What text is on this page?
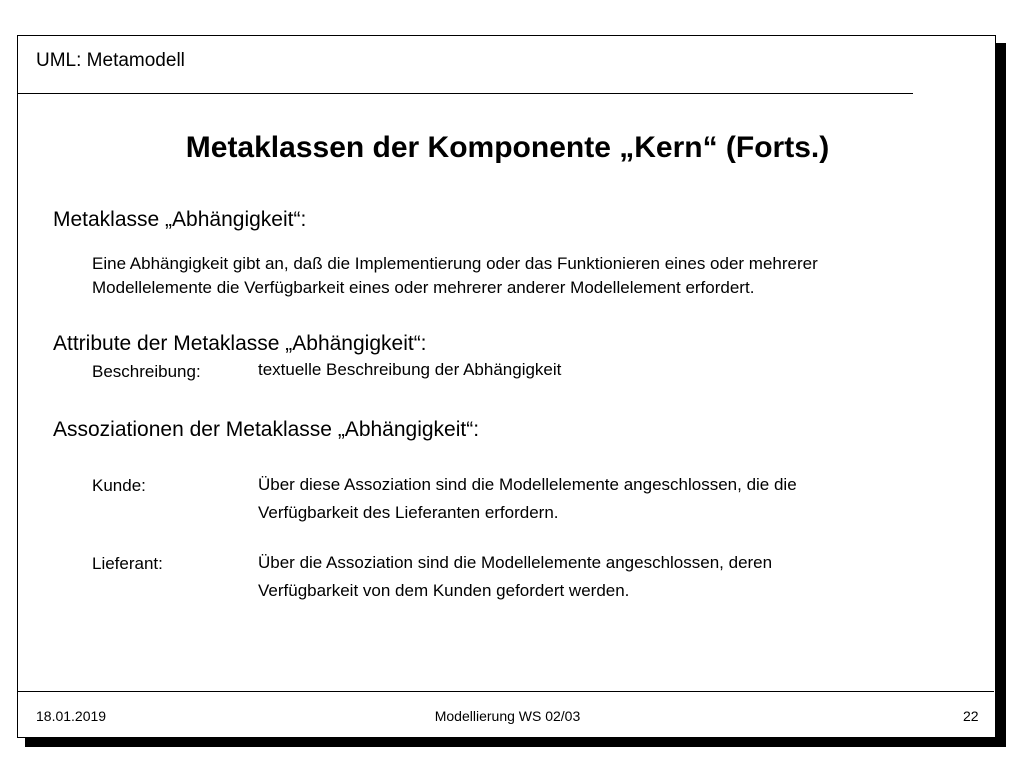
UML: Metamodell
Metaklassen der Komponente „Kern“ (Forts.)
Metaklasse „Abhängigkeit“:
Eine Abhängigkeit gibt an, daß die Implementierung oder das Funktionieren eines oder mehrerer
Modellelemente die Verfügbarkeit eines oder mehrerer anderer Modellelement erfordert.
Attribute der Metaklasse „Abhängigkeit“:
Beschreibung:	textuelle Beschreibung der Abhängigkeit
Assoziationen der Metaklasse „Abhängigkeit“:
Kunde:	Über diese Assoziation sind die Modellelemente angeschlossen, die die
Verfügbarkeit des Lieferanten erfordern.
Lieferant:	Über die Assoziation sind die Modellelemente angeschlossen, deren
Verfügbarkeit von dem Kunden gefordert werden.
18.01.2019	Modellierung WS 02/03	22
